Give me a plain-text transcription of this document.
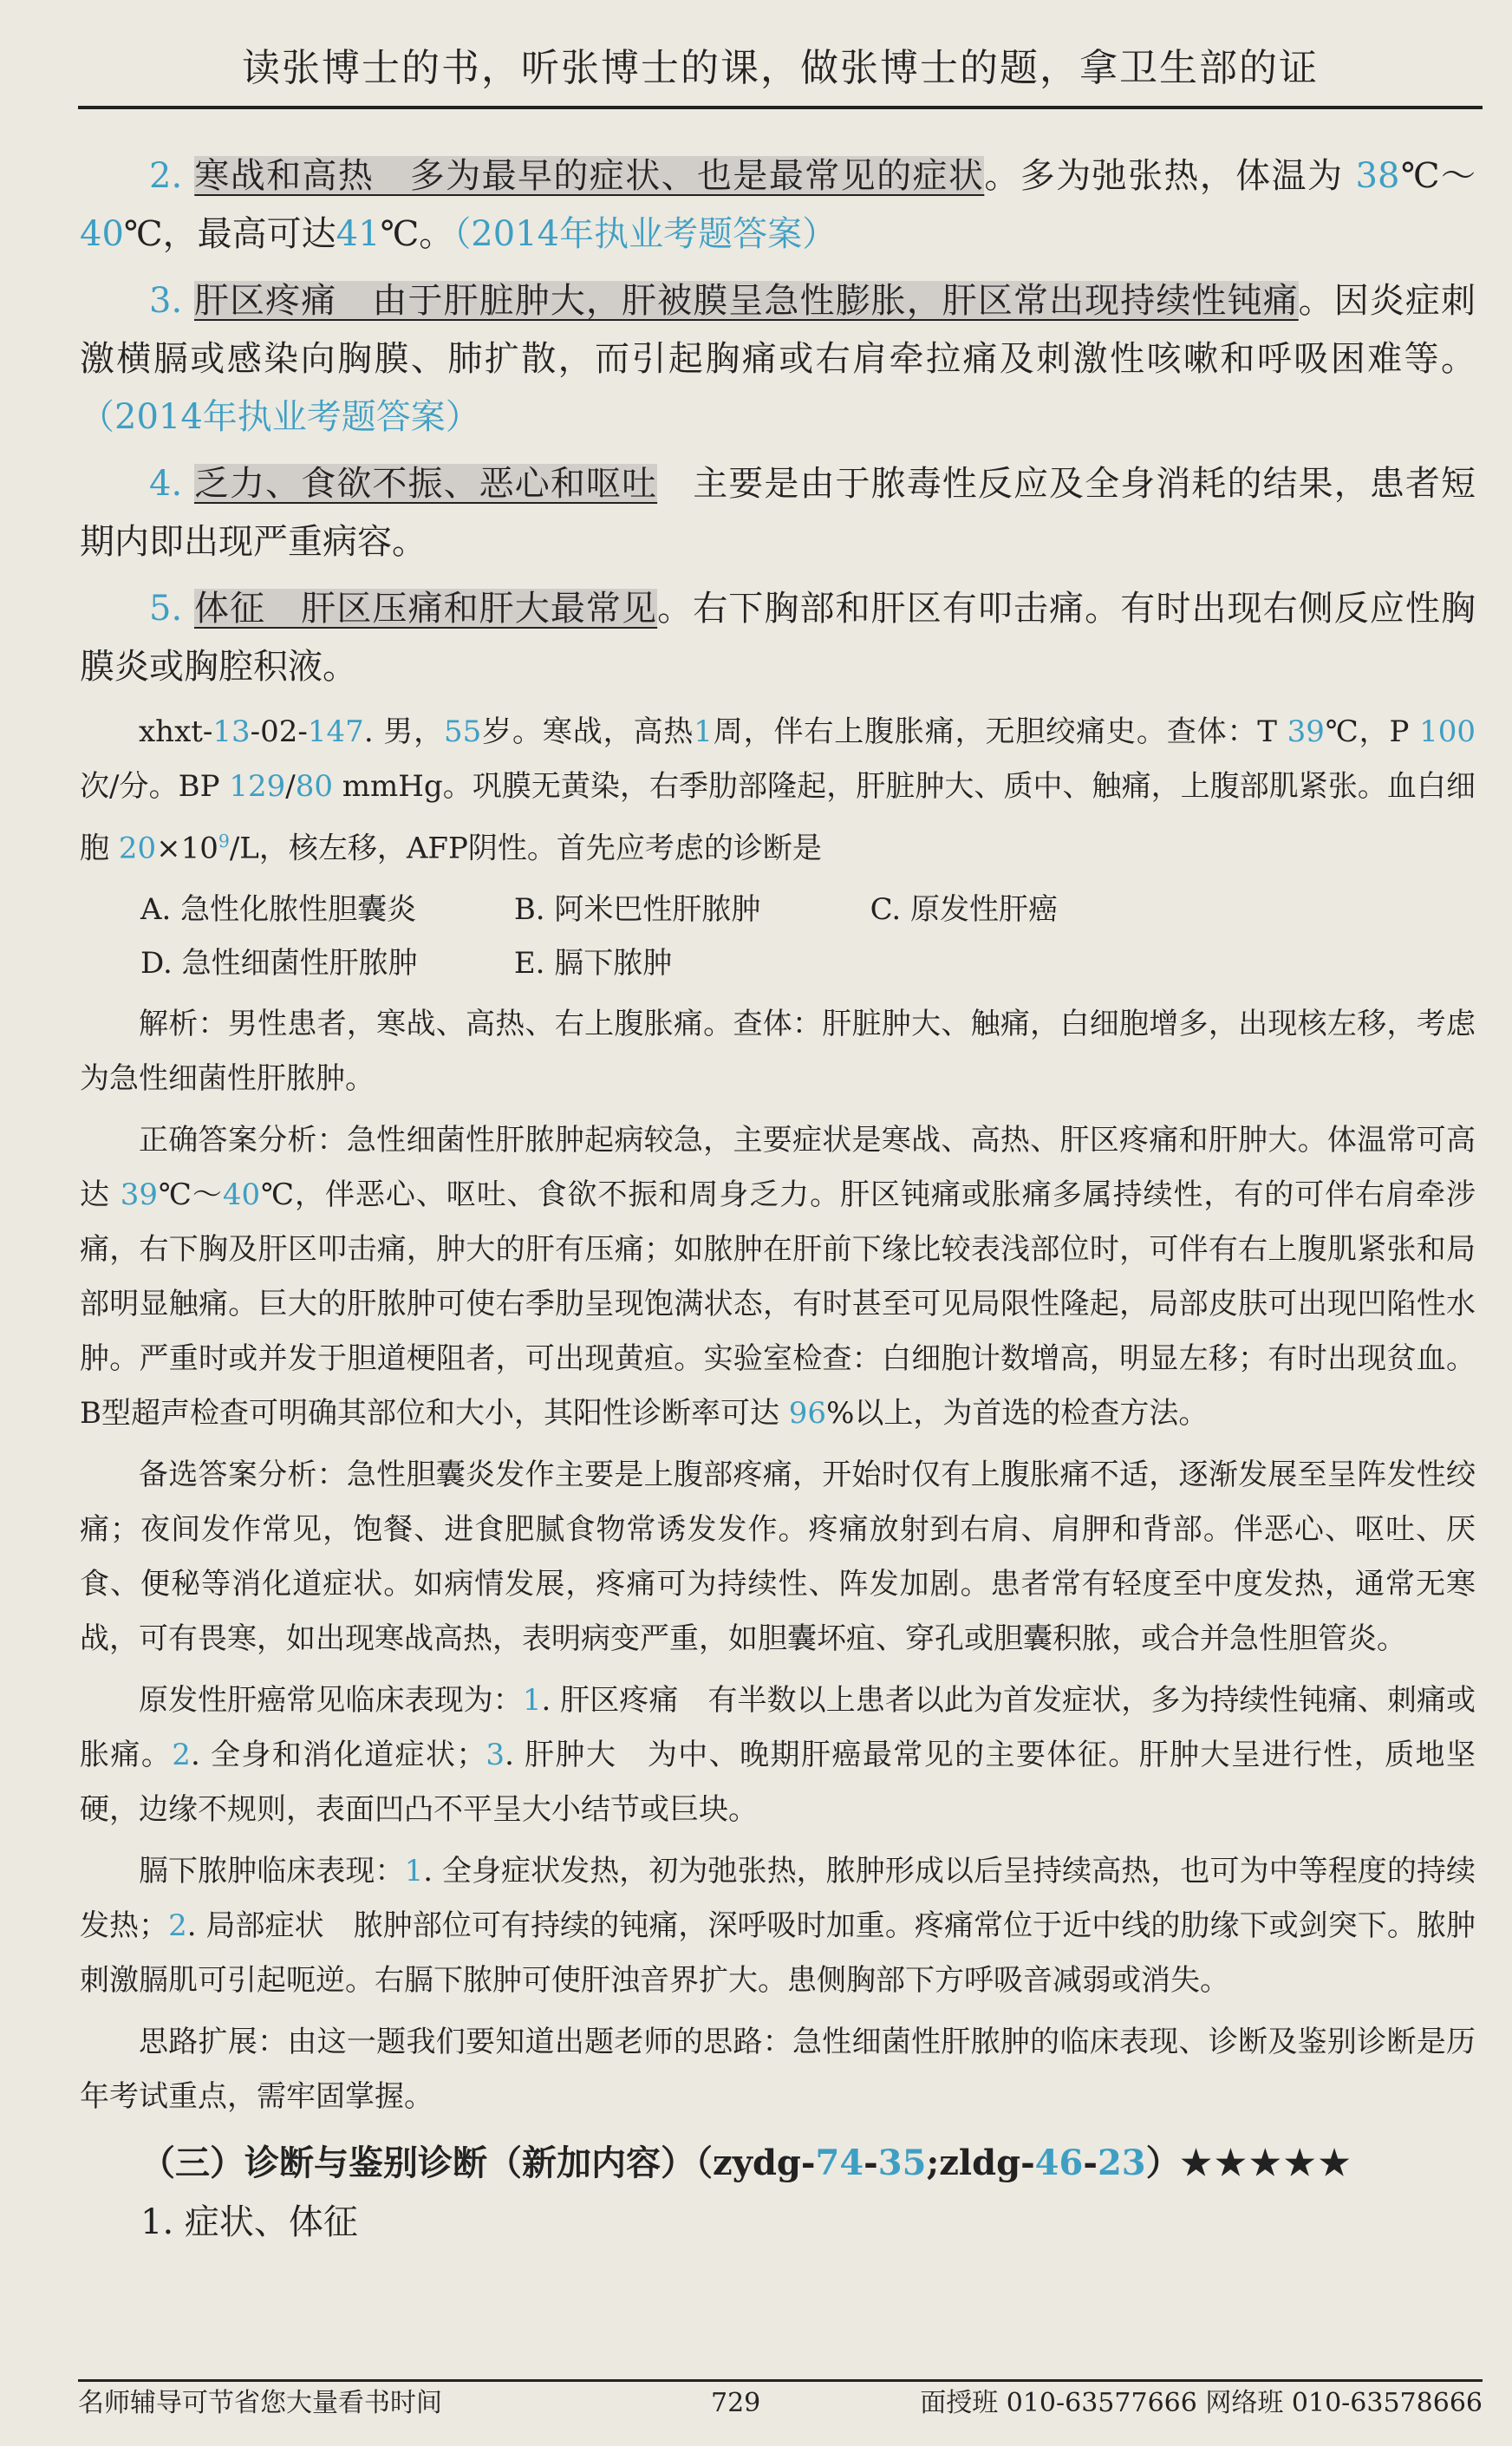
读张博士的书，听张博士的课，做张博士的题，拿卫生部的证

2. 寒战和高热　多为最早的症状、也是最常见的症状。多为弛张热，体温为 38℃～40℃，最高可达41℃。（2014年执业考题答案）

3. 肝区疼痛　由于肝脏肿大，肝被膜呈急性膨胀，肝区常出现持续性钝痛。因炎症刺激横膈或感染向胸膜、肺扩散，而引起胸痛或右肩牵拉痛及刺激性咳嗽和呼吸困难等。（2014年执业考题答案）

4. 乏力、食欲不振、恶心和呕吐　主要是由于脓毒性反应及全身消耗的结果，患者短期内即出现严重病容。

5. 体征　肝区压痛和肝大最常见。右下胸部和肝区有叩击痛。有时出现右侧反应性胸膜炎或胸腔积液。

xhxt-13-02-147. 男，55岁。寒战，高热1周，伴右上腹胀痛，无胆绞痛史。查体：T 39℃，P 100次/分。BP 129/80 mmHg。巩膜无黄染，右季肋部隆起，肝脏肿大、质中、触痛，上腹部肌紧张。血白细胞 $20\times 10^9/L$，核左移，AFP阴性。首先应考虑的诊断是

A. 急性化脓性胆囊炎	B. 阿米巴性肝脓肿	C. 原发性肝癌
D. 急性细菌性肝脓肿	E. 膈下脓肿

解析：男性患者，寒战、高热、右上腹胀痛。查体：肝脏肿大、触痛，白细胞增多，出现核左移，考虑为急性细菌性肝脓肿。

正确答案分析：急性细菌性肝脓肿起病较急，主要症状是寒战、高热、肝区疼痛和肝肿大。体温常可高达 39℃～40℃，伴恶心、呕吐、食欲不振和周身乏力。肝区钝痛或胀痛多属持续性，有的可伴右肩牵涉痛，右下胸及肝区叩击痛，肿大的肝有压痛；如脓肿在肝前下缘比较表浅部位时，可伴有右上腹肌紧张和局部明显触痛。巨大的肝脓肿可使右季肋呈现饱满状态，有时甚至可见局限性隆起，局部皮肤可出现凹陷性水肿。严重时或并发于胆道梗阻者，可出现黄疸。实验室检查：白细胞计数增高，明显左移；有时出现贫血。B型超声检查可明确其部位和大小，其阳性诊断率可达 96%以上，为首选的检查方法。

备选答案分析：急性胆囊炎发作主要是上腹部疼痛，开始时仅有上腹胀痛不适，逐渐发展至呈阵发性绞痛；夜间发作常见，饱餐、进食肥腻食物常诱发发作。疼痛放射到右肩、肩胛和背部。伴恶心、呕吐、厌食、便秘等消化道症状。如病情发展，疼痛可为持续性、阵发加剧。患者常有轻度至中度发热，通常无寒战，可有畏寒，如出现寒战高热，表明病变严重，如胆囊坏疽、穿孔或胆囊积脓，或合并急性胆管炎。

原发性肝癌常见临床表现为：1. 肝区疼痛　有半数以上患者以此为首发症状，多为持续性钝痛、刺痛或胀痛。2. 全身和消化道症状；3. 肝肿大　为中、晚期肝癌最常见的主要体征。肝肿大呈进行性，质地坚硬，边缘不规则，表面凹凸不平呈大小结节或巨块。

膈下脓肿临床表现：1. 全身症状发热，初为弛张热，脓肿形成以后呈持续高热，也可为中等程度的持续发热；2. 局部症状　脓肿部位可有持续的钝痛，深呼吸时加重。疼痛常位于近中线的肋缘下或剑突下。脓肿刺激膈肌可引起呃逆。右膈下脓肿可使肝浊音界扩大。患侧胸部下方呼吸音减弱或消失。

思路扩展：由这一题我们要知道出题老师的思路：急性细菌性肝脓肿的临床表现、诊断及鉴别诊断是历年考试重点，需牢固掌握。

（三）诊断与鉴别诊断（新加内容）（zydg-74-35;zldg-46-23）★★★★★
1. 症状、体征
名师辅导可节省您大量看书时间	729	面授班 010-63577666 网络班 010-63578666
